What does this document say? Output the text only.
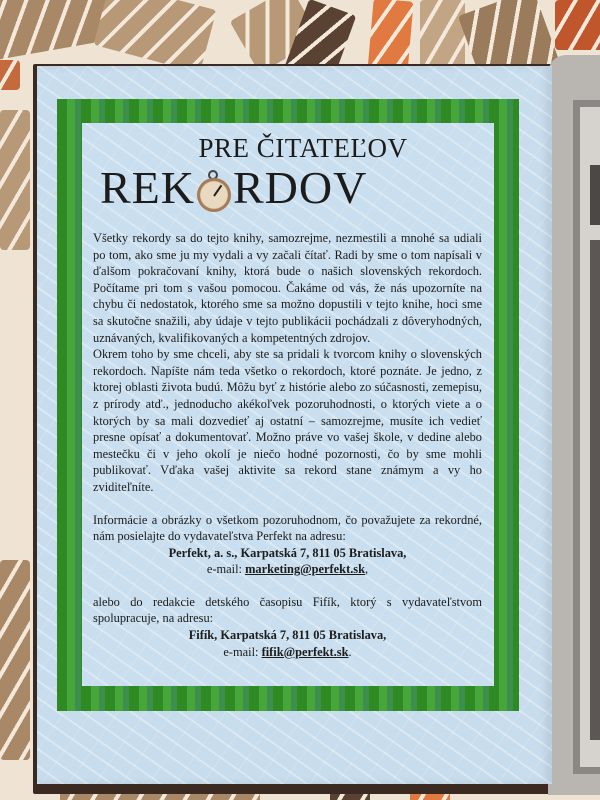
PRE ČITATEĽOV
REK RDOV

Všetky rekordy sa do tejto knihy, samozrejme, nezmestili a mnohé sa udiali po tom, ako sme ju my vydali a vy začali čítať. Radi by sme o tom napísali v ďalšom pokračovaní knihy, ktorá bude o našich slovenských rekordoch. Počítame pri tom s vašou pomocou. Čakáme od vás, že nás upozorníte na chybu či nedostatok, ktorého sme sa možno dopustili v tejto knihe, hoci sme sa skutočne snažili, aby údaje v tejto publikácii pochádzali z dôveryhodných, uznávaných, kvalifikovaných a kompetentných zdrojov.

Okrem toho by sme chceli, aby ste sa pridali k tvorcom knihy o slovenských rekordoch. Napíšte nám teda všetko o rekordoch, ktoré poznáte. Je jedno, z ktorej oblasti života budú. Môžu byť z histórie alebo zo súčasnosti, zemepisu, z prírody atď., jednoducho akékoľvek pozoruhodnosti, o ktorých viete a o ktorých by sa mali dozvedieť aj ostatní – samozrejme, musíte ich vedieť presne opísať a dokumentovať. Možno práve vo vašej škole, v dedine alebo mestečku či v jeho okolí je niečo hodné pozornosti, čo by sme mohli publikovať. Vďaka vašej aktivite sa rekord stane známym a vy ho zviditeľníte.

Informácie a obrázky o všetkom pozoruhodnom, čo považujete za rekordné, nám posielajte do vydavateľstva Perfekt na adresu:

Perfekt, a. s., Karpatská 7, 811 05 Bratislava,

e-mail: marketing@perfekt.sk,

alebo do redakcie detského časopisu Fifík, ktorý s vydavateľstvom spolupracuje, na adresu:

Fifík, Karpatská 7, 811 05 Bratislava,

e-mail: fifik@perfekt.sk.
